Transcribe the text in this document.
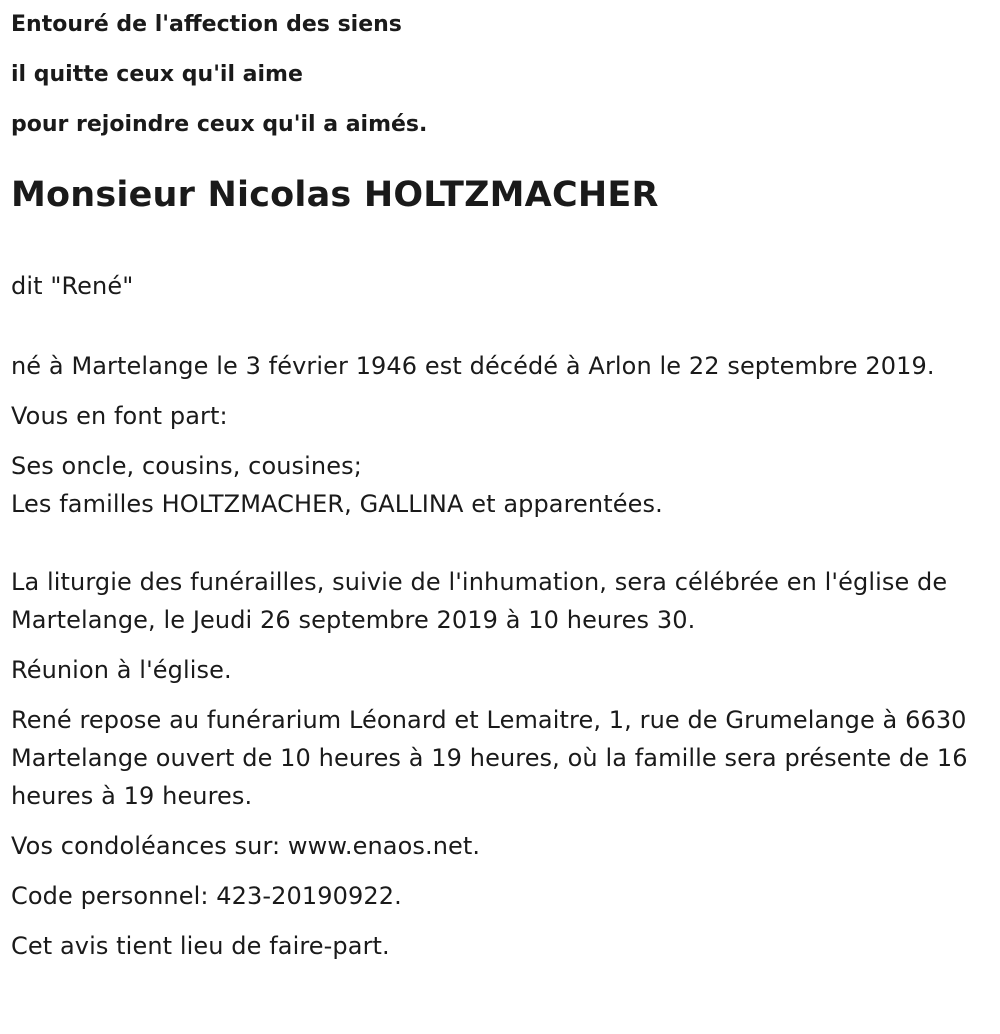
Entouré de l'affection des siens

il quitte ceux qu'il aime

pour rejoindre ceux qu'il a aimés.

Monsieur Nicolas HOLTZMACHER

dit "René"

né à Martelange le 3 février 1946 est décédé à Arlon le 22 septembre 2019.

Vous en font part:

Ses oncle, cousins, cousines;
Les familles HOLTZMACHER, GALLINA et apparentées.

La liturgie des funérailles, suivie de l'inhumation, sera célébrée en l'église de Martelange, le Jeudi 26 septembre 2019 à 10 heures 30.

Réunion à l'église.

René repose au funérarium Léonard et Lemaitre, 1, rue de Grumelange à 6630 Martelange ouvert de 10 heures à 19 heures, où la famille sera présente de 16 heures à 19 heures.

Vos condoléances sur: www.enaos.net.

Code personnel: 423-20190922.

Cet avis tient lieu de faire-part.
